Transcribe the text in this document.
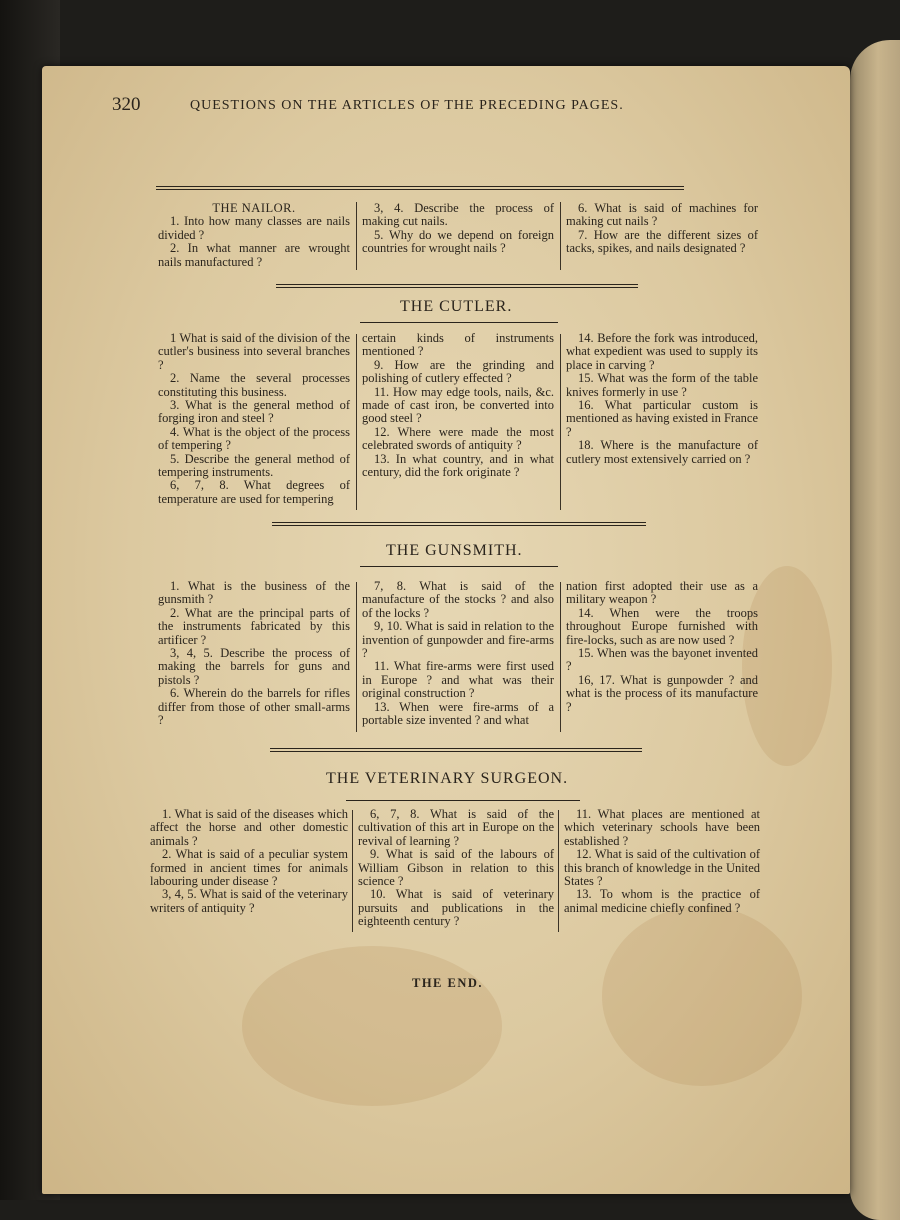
320	QUESTIONS ON THE ARTICLES OF THE PRECEDING PAGES.

THE NAILOR.

1. Into how many classes are nails divided ?

2. In what manner are wrought nails manufactured ?

3, 4. Describe the process of making cut nails.

5. Why do we depend on foreign countries for wrought nails ?

6. What is said of machines for making cut nails ?

7. How are the different sizes of tacks, spikes, and nails designated ?

THE CUTLER.

1 What is said of the division of the cutler's business into several branches ?

2. Name the several processes constituting this business.

3. What is the general method of forging iron and steel ?

4. What is the object of the process of tempering ?

5. Describe the general method of tempering instruments.

6, 7, 8. What degrees of temperature are used for tempering

certain kinds of instruments mentioned ?

9. How are the grinding and polishing of cutlery effected ?

11. How may edge tools, nails, &c. made of cast iron, be converted into good steel ?

12. Where were made the most celebrated swords of antiquity ?

13. In what country, and in what century, did the fork originate ?

14. Before the fork was introduced, what expedient was used to supply its place in carving ?

15. What was the form of the table knives formerly in use ?

16. What particular custom is mentioned as having existed in France ?

18. Where is the manufacture of cutlery most extensively carried on ?

THE GUNSMITH.

1. What is the business of the gunsmith ?

2. What are the principal parts of the instruments fabricated by this artificer ?

3, 4, 5. Describe the process of making the barrels for guns and pistols ?

6. Wherein do the barrels for rifles differ from those of other small-arms ?

7, 8. What is said of the manufacture of the stocks ? and also of the locks ?

9, 10. What is said in relation to the invention of gunpowder and fire-arms ?

11. What fire-arms were first used in Europe ? and what was their original construction ?

13. When were fire-arms of a portable size invented ? and what

nation first adopted their use as a military weapon ?

14. When were the troops throughout Europe furnished with fire-locks, such as are now used ?

15. When was the bayonet invented ?

16, 17. What is gunpowder ? and what is the process of its manufacture ?

THE VETERINARY SURGEON.

1. What is said of the diseases which affect the horse and other domestic animals ?

2. What is said of a peculiar system formed in ancient times for animals labouring under disease ?

3, 4, 5. What is said of the veterinary writers of antiquity ?

6, 7, 8. What is said of the cultivation of this art in Europe on the revival of learning ?

9. What is said of the labours of William Gibson in relation to this science ?

10. What is said of veterinary pursuits and publications in the eighteenth century ?

11. What places are mentioned at which veterinary schools have been established ?

12. What is said of the cultivation of this branch of knowledge in the United States ?

13. To whom is the practice of animal medicine chiefly confined ?

THE END.
